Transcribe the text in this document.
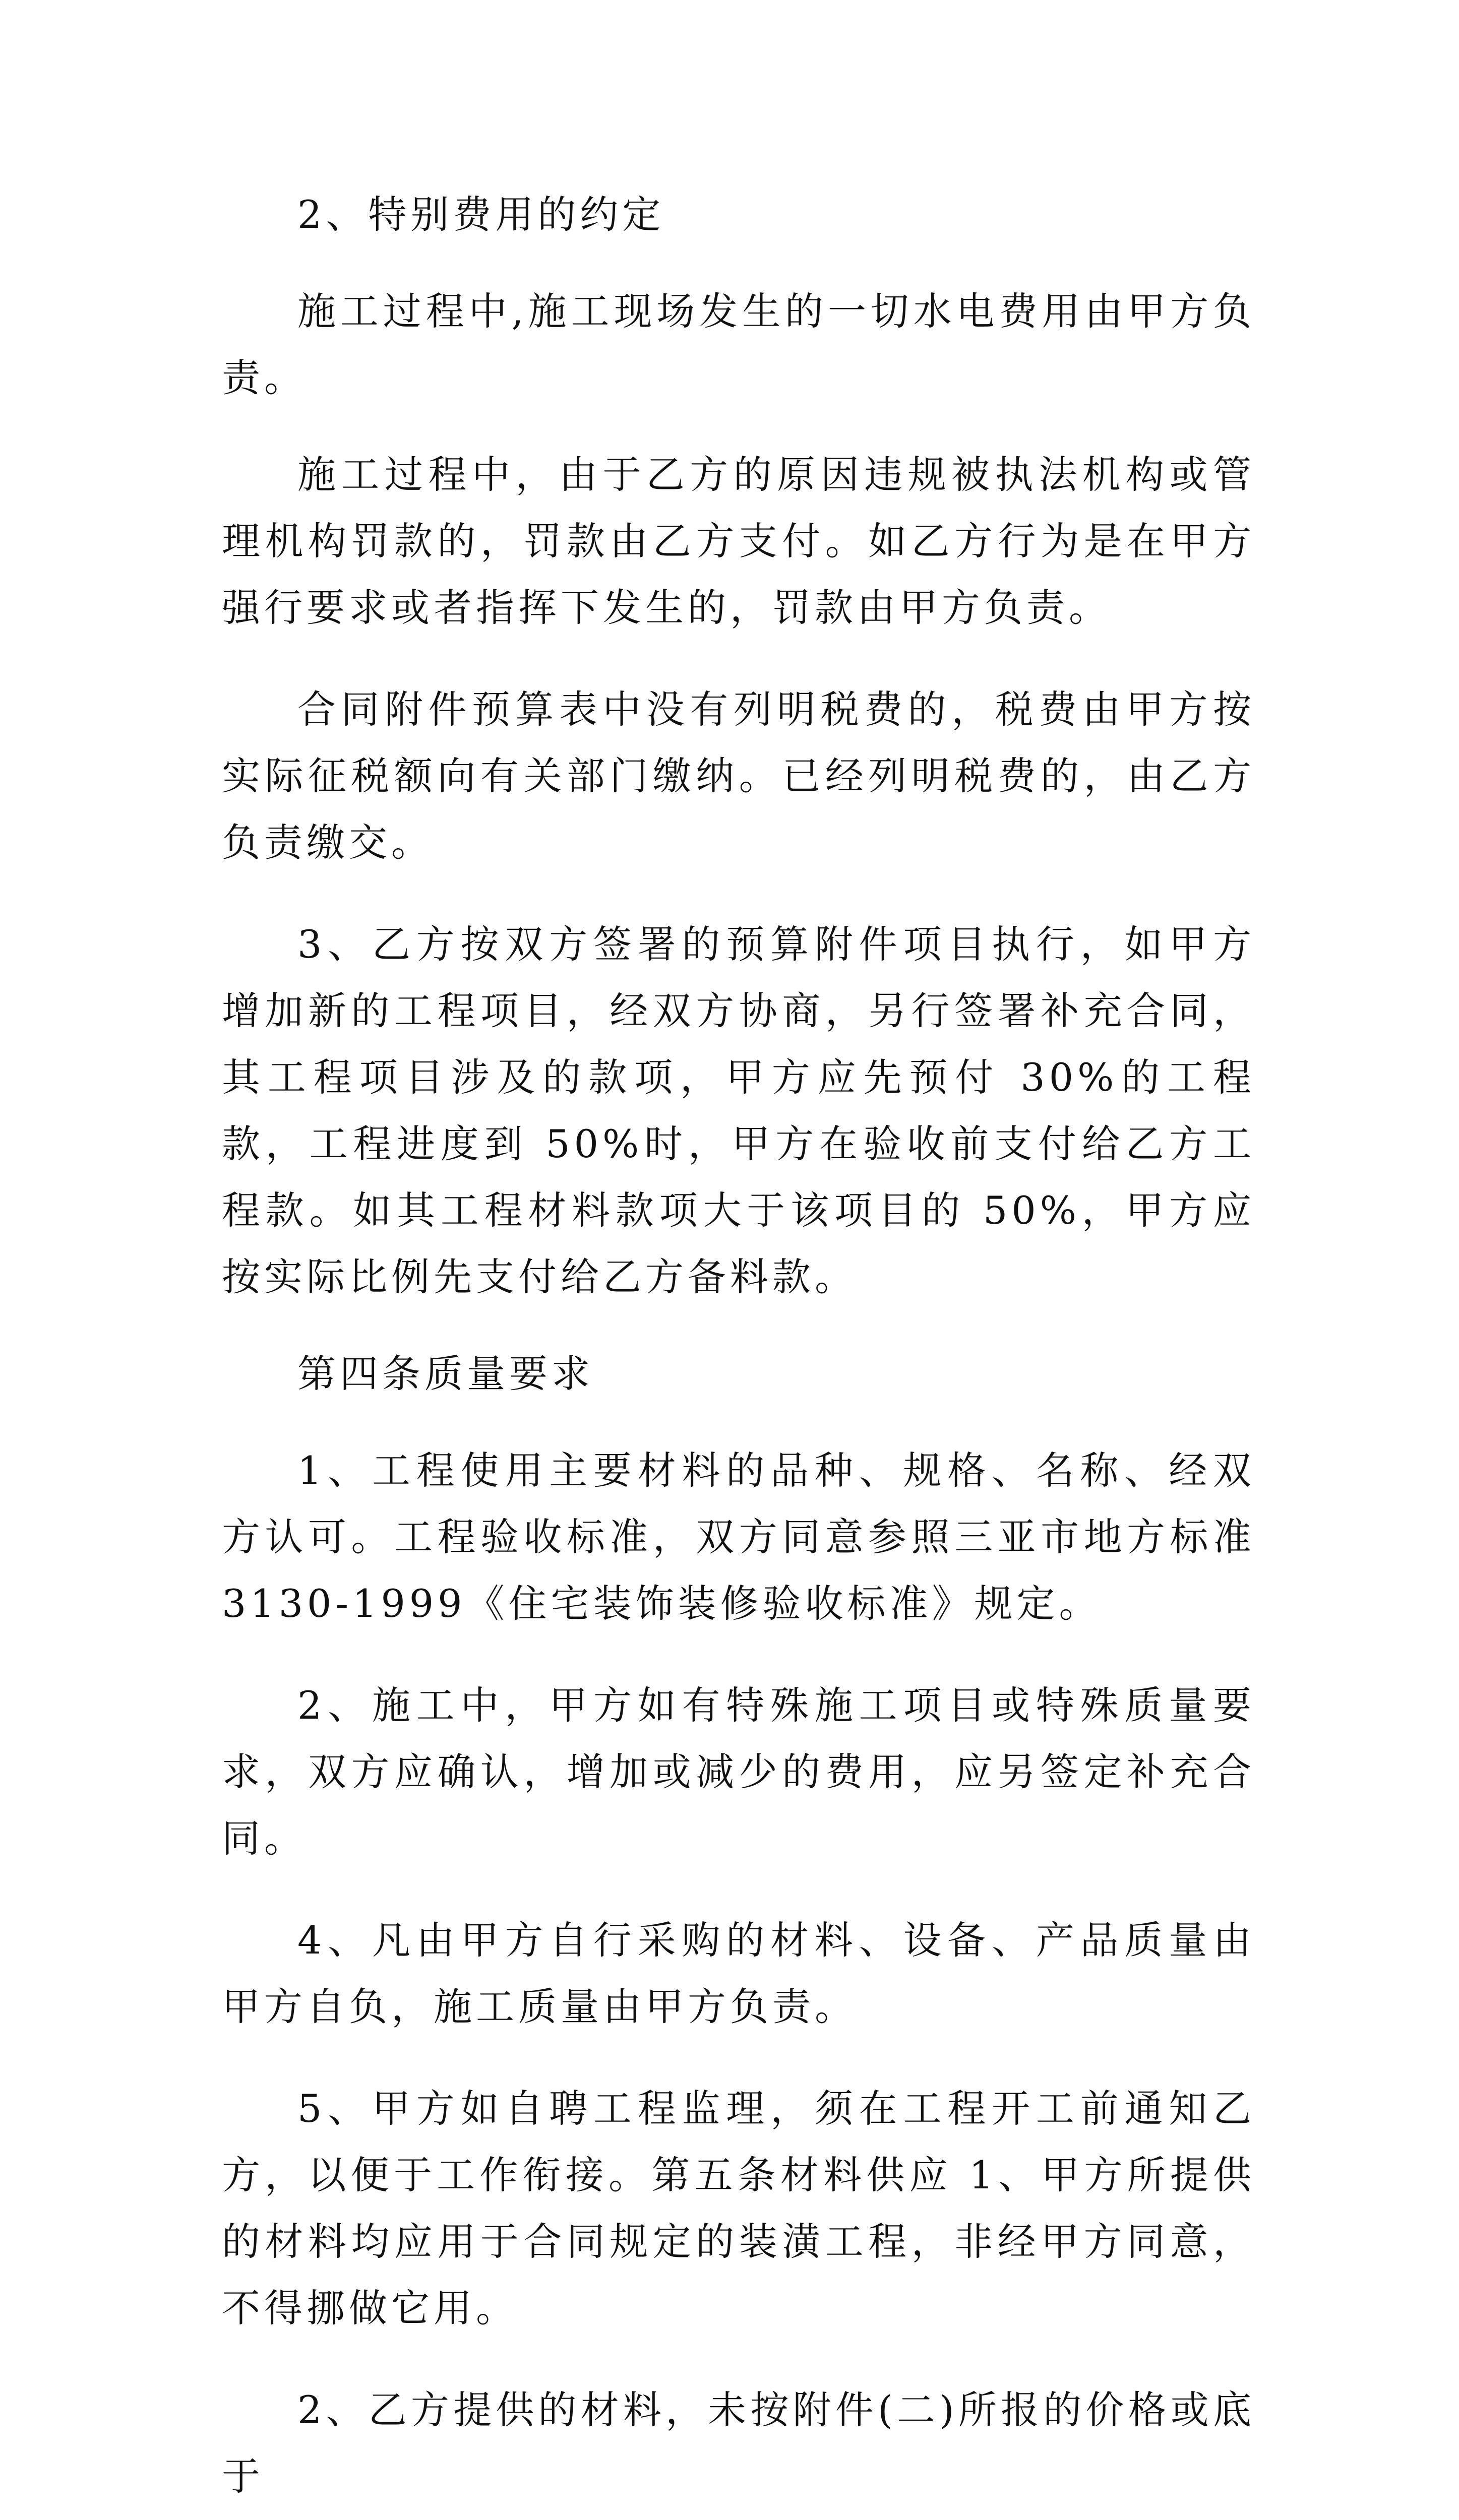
2、特别费用的约定

施工过程中,施工现场发生的一切水电费用由甲方负责。

施工过程中，由于乙方的原因违规被执法机构或管理机构罚款的，罚款由乙方支付。如乙方行为是在甲方强行要求或者指挥下发生的，罚款由甲方负责。

合同附件预算表中没有列明税费的，税费由甲方按实际征税额向有关部门缴纳。已经列明税费的，由乙方负责缴交。

3、乙方按双方签署的预算附件项目执行，如甲方增加新的工程项目，经双方协商，另行签署补充合同，其工程项目涉及的款项，甲方应先预付 30%的工程款，工程进度到 50%时，甲方在验收前支付给乙方工程款。如其工程材料款项大于该项目的 50%，甲方应按实际比例先支付给乙方备料款。

第四条质量要求

1、工程使用主要材料的品种、规格、名称、经双方认可。工程验收标准，双方同意参照三亚市地方标准 3130-1999《住宅装饰装修验收标准》规定。

2、施工中，甲方如有特殊施工项目或特殊质量要求，双方应确认，增加或减少的费用，应另签定补充合同。

4、凡由甲方自行采购的材料、设备、产品质量由甲方自负，施工质量由甲方负责。

5、甲方如自聘工程监理，须在工程开工前通知乙方，以便于工作衔接。第五条材料供应 1、甲方所提供的材料均应用于合同规定的装潢工程，非经甲方同意，不得挪做它用。

2、乙方提供的材料，未按附件(二)所报的价格或底于
